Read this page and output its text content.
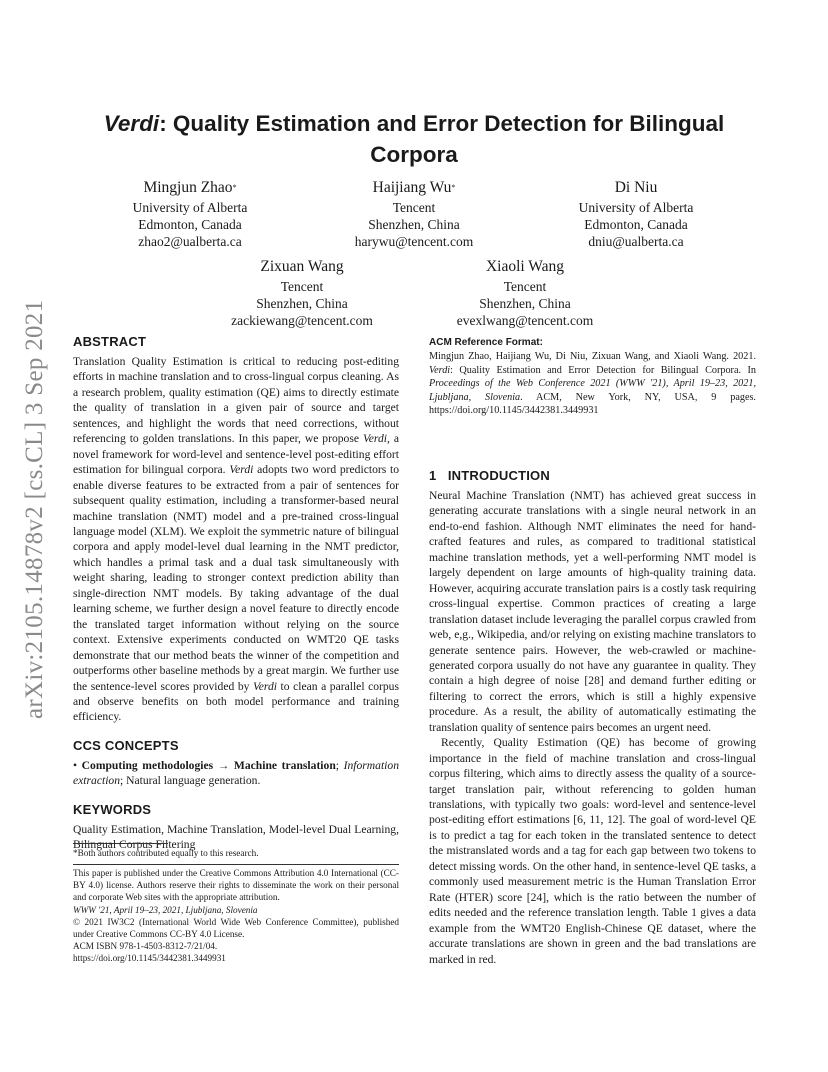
arXiv:2105.14878v2 [cs.CL] 3 Sep 2021
Verdi: Quality Estimation and Error Detection for Bilingual Corpora
Mingjun Zhao*
University of Alberta
Edmonton, Canada
zhao2@ualberta.ca
Haijiang Wu*
Tencent
Shenzhen, China
harywu@tencent.com
Di Niu
University of Alberta
Edmonton, Canada
dniu@ualberta.ca
Zixuan Wang
Tencent
Shenzhen, China
zackiewang@tencent.com
Xiaoli Wang
Tencent
Shenzhen, China
evexlwang@tencent.com
ABSTRACT
Translation Quality Estimation is critical to reducing post-editing efforts in machine translation and to cross-lingual corpus cleaning. As a research problem, quality estimation (QE) aims to directly estimate the quality of translation in a given pair of source and target sentences, and highlight the words that need corrections, without referencing to golden translations. In this paper, we propose Verdi, a novel framework for word-level and sentence-level post-editing effort estimation for bilingual corpora. Verdi adopts two word predictors to enable diverse features to be extracted from a pair of sentences for subsequent quality estimation, including a transformer-based neural machine translation (NMT) model and a pre-trained cross-lingual language model (XLM). We exploit the symmetric nature of bilingual corpora and apply model-level dual learning in the NMT predictor, which handles a primal task and a dual task simultaneously with weight sharing, leading to stronger context prediction ability than single-direction NMT models. By taking advantage of the dual learning scheme, we further design a novel feature to directly encode the translated target information without relying on the source context. Extensive experiments conducted on WMT20 QE tasks demonstrate that our method beats the winner of the competition and outperforms other baseline methods by a great margin. We further use the sentence-level scores provided by Verdi to clean a parallel corpus and observe benefits on both model performance and training efficiency.
CCS CONCEPTS
• Computing methodologies → Machine translation; Information extraction; Natural language generation.
KEYWORDS
Quality Estimation, Machine Translation, Model-level Dual Learning, Bilingual Corpus Filtering
*Both authors contributed equally to this research.
This paper is published under the Creative Commons Attribution 4.0 International (CC-BY 4.0) license. Authors reserve their rights to disseminate the work on their personal and corporate Web sites with the appropriate attribution.
WWW '21, April 19–23, 2021, Ljubljana, Slovenia
© 2021 IW3C2 (International World Wide Web Conference Committee), published under Creative Commons CC-BY 4.0 License.
ACM ISBN 978-1-4503-8312-7/21/04.
https://doi.org/10.1145/3442381.3449931
ACM Reference Format:
Mingjun Zhao, Haijiang Wu, Di Niu, Zixuan Wang, and Xiaoli Wang. 2021. Verdi: Quality Estimation and Error Detection for Bilingual Corpora. In Proceedings of the Web Conference 2021 (WWW '21), April 19–23, 2021, Ljubljana, Slovenia. ACM, New York, NY, USA, 9 pages. https://doi.org/10.1145/3442381.3449931
1 INTRODUCTION
Neural Machine Translation (NMT) has achieved great success in generating accurate translations with a single neural network in an end-to-end fashion. Although NMT eliminates the need for hand-crafted features and rules, as compared to traditional statistical machine translation methods, yet a well-performing NMT model is largely dependent on large amounts of high-quality training data. However, acquiring accurate translation pairs is a costly task requiring cross-lingual expertise. Common practices of creating a large translation dataset include leveraging the parallel corpus crawled from web, e,g., Wikipedia, and/or relying on existing machine translators to generate sentence pairs. However, the web-crawled or machine-generated corpora usually do not have any guarantee in quality. They contain a high degree of noise [28] and demand further editing or filtering to correct the errors, which is still a highly expensive procedure. As a result, the ability of automatically estimating the translation quality of sentence pairs becomes an urgent need.
Recently, Quality Estimation (QE) has become of growing importance in the field of machine translation and cross-lingual corpus filtering, which aims to directly assess the quality of a source-target translation pair, without referencing to golden human translations, with typically two goals: word-level and sentence-level post-editing effort estimations [6, 11, 12]. The goal of word-level QE is to predict a tag for each token in the translated sentence to detect the mistranslated words and a tag for each gap between two tokens to detect missing words. On the other hand, in sentence-level QE tasks, a commonly used measurement metric is the Human Translation Error Rate (HTER) score [24], which is the ratio between the number of edits needed and the reference translation length. Table 1 gives a data example from the WMT20 English-Chinese QE dataset, where the accurate translations are shown in green and the bad translations are marked in red.
